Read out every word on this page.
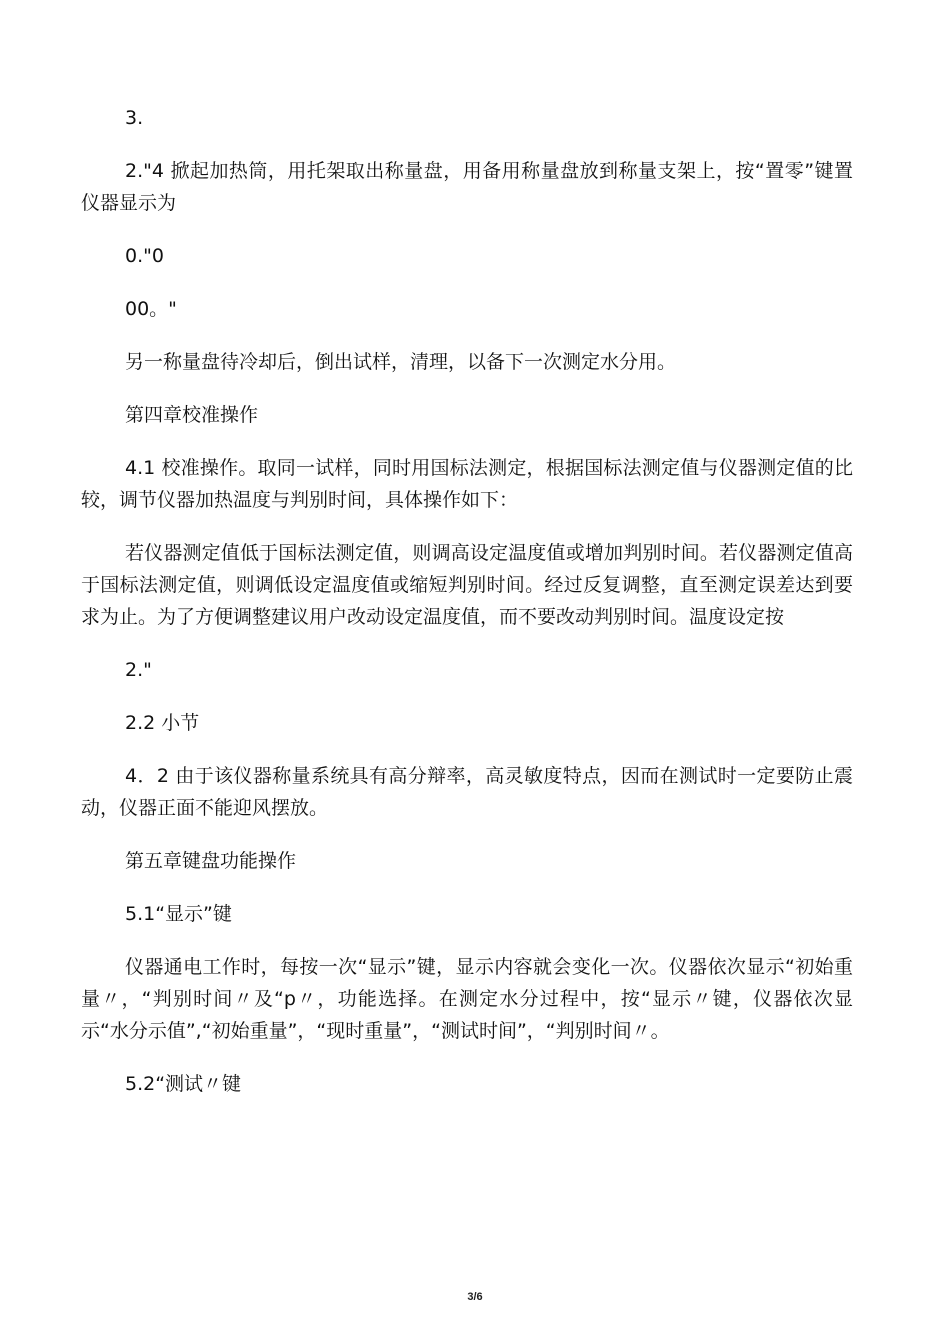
3.

2."4 掀起加热筒，用托架取出称量盘，用备用称量盘放到称量支架上，按“置零”键置仪器显示为

0."0

00。"

另一称量盘待冷却后，倒出试样，清理，以备下一次测定水分用。

第四章校准操作

4.1 校准操作。取同一试样，同时用国标法测定，根据国标法测定值与仪器测定值的比较，调节仪器加热温度与判别时间，具体操作如下：

若仪器测定值低于国标法测定值，则调高设定温度值或增加判别时间。若仪器测定值高于国标法测定值，则调低设定温度值或缩短判别时间。经过反复调整，直至测定误差达到要求为止。为了方便调整建议用户改动设定温度值，而不要改动判别时间。温度设定按

2."

2.2 小节

4．2 由于该仪器称量系统具有高分辩率，高灵敏度特点，因而在测试时一定要防止震动，仪器正面不能迎风摆放。

第五章键盘功能操作

5.1“显示”键

仪器通电工作时，每按一次“显示”键，显示内容就会变化一次。仪器依次显示“初始重量〃，“判别时间〃及“p〃，功能选择。在测定水分过程中，按“显示〃键，仪器依次显示“水分示值”,“初始重量”，“现时重量”，“测试时间”，“判别时间〃。

5.2“测试〃键

3/6
